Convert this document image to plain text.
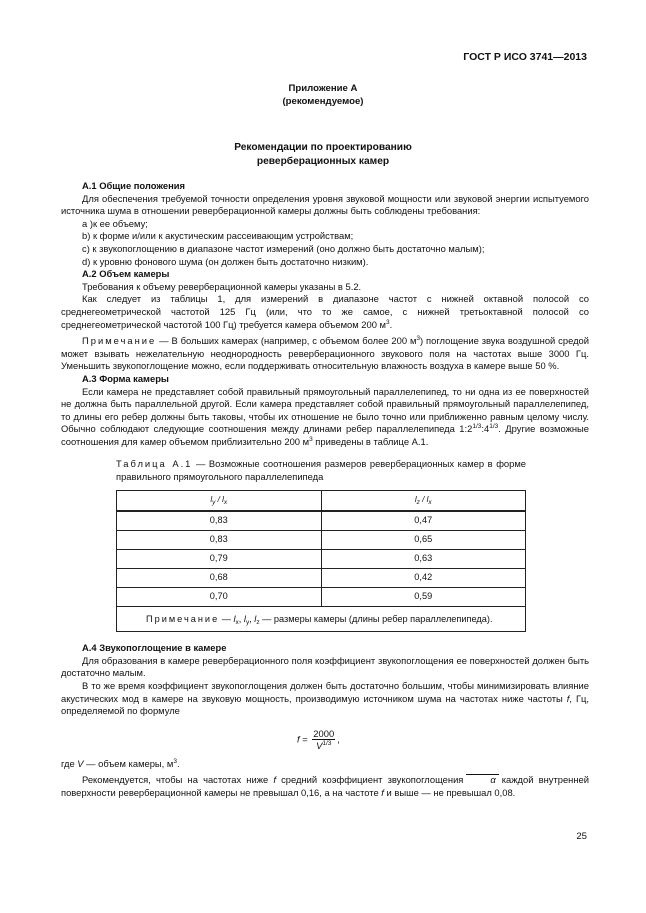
ГОСТ Р ИСО 3741—2013
Приложение А
(рекомендуемое)
Рекомендации по проектированию
реверберационных камер

А.1 Общие положения

Для обеспечения требуемой точности определения уровня звуковой мощности или звуковой энергии испытуемого источника шума в отношении реверберационной камеры должны быть соблюдены требования:

a )к ее объему;

b) к форме и/или к акустическим рассеивающим устройствам;

c) к звукопоглощению в диапазоне частот измерений (оно должно быть достаточно малым);

d) к уровню фонового шума (он должен быть достаточно низким).

А.2 Объем камеры

Требования к объему реверберационной камеры указаны в 5.2.

Как следует из таблицы 1, для измерений в диапазоне частот с нижней октавной полосой со среднегеометрической частотой 125 Гц (или, что то же самое, с нижней третьоктавной полосой со среднегеометрической частотой 100 Гц) требуется камера объемом 200 $м^3$.

Примечание — В больших камерах (например, с объемом более 200 $м^3$) поглощение звука воздушной средой может взывать нежелательную неоднородность реверберационного звукового поля на частотах выше 3000 Гц. Уменьшить звукопоглощение можно, если поддерживать относительную влажность воздуха в камере выше 50 %.

А.3 Форма камеры

Если камера не представляет собой правильный прямоугольный параллелепипед, то ни одна из ее поверхностей не должна быть параллельной другой. Если камера представляет собой правильный прямоугольный параллелепипед, то длины его ребер должны быть таковы, чтобы их отношение не было точно или приближенно равным целому числу. Обычно соблюдают следующие соотношения между длинами ребер параллелепипеда $1:2^{1/3}:4^{1/3}$. Другие возможные соотношения для камер объемом приблизительно 200 $м^3$ приведены в таблице А.1.

Таблица А.1 — Возможные соотношения размеров реверберационных камер в форме правильного прямоугольного параллелепипеда

$l_y / l_x$	$l_z / l_x$
0,83	0,47
0,83	0,65
0,79	0,63
0,68	0,42
0,70	0,59
Примечание — $l_x$, $l_y$, $l_z$ — размеры камеры (длины ребер параллелепипеда).	

А.4 Звукопоглощение в камере

Для образования в камере реверберационного поля коэффициент звукопоглощения ее поверхностей должен быть достаточно малым.

В то же время коэффициент звукопоглощения должен быть достаточно большим, чтобы минимизировать влияние акустических мод в камере на звуковую мощность, производимую источником шума на частотах ниже частоты f, Гц, определяемой по формуле

$f = \frac{2000}{V^{1/3}}$ ,

где V — объем камеры, $м^3$.

Рекомендуется, чтобы на частотах ниже f средний коэффициент звукопоглощения	α каждой внутренней поверхности реверберационной камеры не превышал 0,16, а на частоте f и выше — не превышал 0,08.

25
